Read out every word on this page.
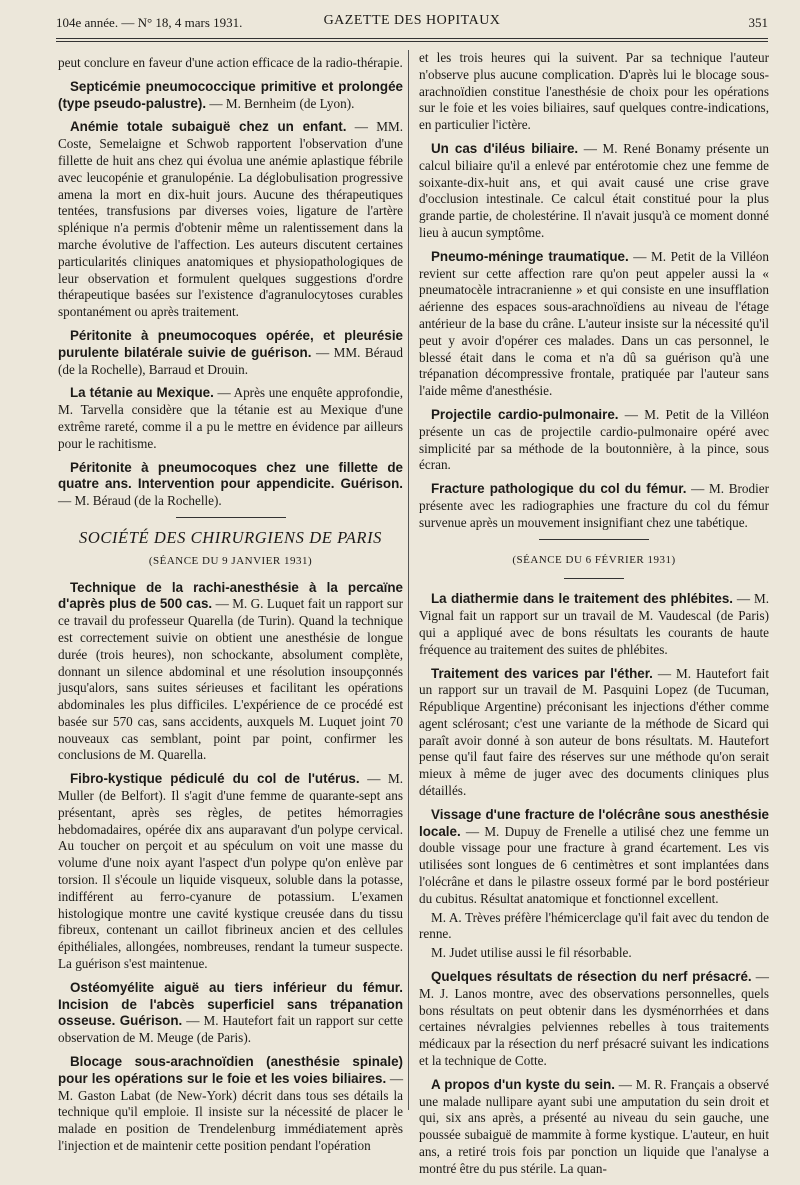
104e année. — N° 18, 4 mars 1931.	GAZETTE DES HOPITAUX	351

peut conclure en faveur d'une action efficace de la radio-thérapie.

Septicémie pneumococcique primitive et prolongée (type pseudo-palustre). — M. Bernheim (de Lyon).

Anémie totale subaiguë chez un enfant. — MM. Coste, Semelaigne et Schwob rapportent l'observation d'une fillette de huit ans chez qui évolua une anémie aplastique fébrile avec leucopénie et granulopénie. La déglobulisation progressive amena la mort en dix-huit jours. Aucune des thérapeutiques tentées, transfusions par diverses voies, ligature de l'artère splénique n'a permis d'obtenir même un ralentissement dans la marche évolutive de l'affection. Les auteurs discutent certaines particularités cliniques anatomiques et physiopathologiques de leur observation et formulent quelques suggestions d'ordre thérapeutique basées sur l'existence d'agranulocytoses curables spontanément ou après traitement.

Péritonite à pneumocoques opérée, et pleurésie purulente bilatérale suivie de guérison. — MM. Béraud (de la Rochelle), Barraud et Drouin.

La tétanie au Mexique. — Après une enquête approfondie, M. Tarvella considère que la tétanie est au Mexique d'une extrême rareté, comme il a pu le mettre en évidence par ailleurs pour le rachitisme.

Péritonite à pneumocoques chez une fillette de quatre ans. Intervention pour appendicite. Guérison. — M. Béraud (de la Rochelle).

SOCIÉTÉ DES CHIRURGIENS DE PARIS
(SÉANCE DU 9 JANVIER 1931)

Technique de la rachi-anesthésie à la percaïne d'après plus de 500 cas. — M. G. Luquet fait un rapport sur ce travail du professeur Quarella (de Turin). Quand la technique est correctement suivie on obtient une anesthésie de longue durée (trois heures), non schockante, absolument complète, donnant un silence abdominal et une résolution insoupçonnés jusqu'alors, sans suites sérieuses et facilitant les opérations abdominales les plus difficiles. L'expérience de ce procédé est basée sur 570 cas, sans accidents, auxquels M. Luquet joint 70 nouveaux cas semblant, point par point, confirmer les conclusions de M. Quarella.

Fibro-kystique pédiculé du col de l'utérus. — M. Muller (de Belfort). Il s'agit d'une femme de quarante-sept ans présentant, après ses règles, de petites hémorragies hebdomadaires, opérée dix ans auparavant d'un polype cervical. Au toucher on perçoit et au spéculum on voit une masse du volume d'une noix ayant l'aspect d'un polype qu'on enlève par torsion. Il s'écoule un liquide visqueux, soluble dans la potasse, indifférent au ferro-cyanure de potassium. L'examen histologique montre une cavité kystique creusée dans du tissu fibreux, contenant un caillot fibrineux ancien et des cellules épithéliales, allongées, nombreuses, rendant la tumeur suspecte. La guérison s'est maintenue.

Ostéomyélite aiguë au tiers inférieur du fémur. Incision de l'abcès superficiel sans trépanation osseuse. Guérison. — M. Hautefort fait un rapport sur cette observation de M. Meuge (de Paris).

Blocage sous-arachnoïdien (anesthésie spinale) pour les opérations sur le foie et les voies biliaires. — M. Gaston Labat (de New-York) décrit dans tous ses détails la technique qu'il emploie. Il insiste sur la nécessité de placer le malade en position de Trendelenburg immédiatement après l'injection et de maintenir cette position pendant l'opération

et les trois heures qui la suivent. Par sa technique l'auteur n'observe plus aucune complication. D'après lui le blocage sous-arachnoïdien constitue l'anesthésie de choix pour les opérations sur le foie et les voies biliaires, sauf quelques contre-indications, en particulier l'ictère.

Un cas d'iléus biliaire. — M. René Bonamy présente un calcul biliaire qu'il a enlevé par entérotomie chez une femme de soixante-dix-huit ans, et qui avait causé une crise grave d'occlusion intestinale. Ce calcul était constitué pour la plus grande partie, de cholestérine. Il n'avait jusqu'à ce moment donné lieu à aucun symptôme.

Pneumo-méninge traumatique. — M. Petit de la Villéon revient sur cette affection rare qu'on peut appeler aussi la « pneumatocèle intracranienne » et qui consiste en une insufflation aérienne des espaces sous-arachnoïdiens au niveau de l'étage antérieur de la base du crâne. L'auteur insiste sur la nécessité qu'il peut y avoir d'opérer ces malades. Dans un cas personnel, le blessé était dans le coma et n'a dû sa guérison qu'à une trépanation décompressive frontale, pratiquée par l'auteur sans l'aide même d'anesthésie.

Projectile cardio-pulmonaire. — M. Petit de la Villéon présente un cas de projectile cardio-pulmonaire opéré avec simplicité par sa méthode de la boutonnière, à la pince, sous écran.

Fracture pathologique du col du fémur. — M. Brodier présente avec les radiographies une fracture du col du fémur survenue après un mouvement insignifiant chez une tabétique.

(SÉANCE DU 6 FÉVRIER 1931)

La diathermie dans le traitement des phlébites. — M. Vignal fait un rapport sur un travail de M. Vaudescal (de Paris) qui a appliqué avec de bons résultats les courants de haute fréquence au traitement des suites de phlébites.

Traitement des varices par l'éther. — M. Hautefort fait un rapport sur un travail de M. Pasquini Lopez (de Tucuman, République Argentine) préconisant les injections d'éther comme agent sclérosant; c'est une variante de la méthode de Sicard qui paraît avoir donné à son auteur de bons résultats. M. Hautefort pense qu'il faut faire des réserves sur une méthode qu'on serait mieux à même de juger avec des documents cliniques plus détaillés.

Vissage d'une fracture de l'olécrâne sous anesthésie locale. — M. Dupuy de Frenelle a utilisé chez une femme un double vissage pour une fracture à grand écartement. Les vis utilisées sont longues de 6 centimètres et sont implantées dans l'olécrâne et dans le pilastre osseux formé par le bord postérieur du cubitus. Résultat anatomique et fonctionnel excellent.

M. A. Trèves préfère l'hémicerclage qu'il fait avec du tendon de renne.

M. Judet utilise aussi le fil résorbable.

Quelques résultats de résection du nerf présacré. — M. J. Lanos montre, avec des observations personnelles, quels bons résultats on peut obtenir dans les dysménorrhées et dans certaines névralgies pelviennes rebelles à tous traitements médicaux par la résection du nerf présacré suivant les indications et la technique de Cotte.

A propos d'un kyste du sein. — M. R. Français a observé une malade nullipare ayant subi une amputation du sein droit et qui, six ans après, a présenté au niveau du sein gauche, une poussée subaiguë de mammite à forme kystique. L'auteur, en huit ans, a retiré trois fois par ponction un liquide que l'analyse a montré être du pus stérile. La quan-
